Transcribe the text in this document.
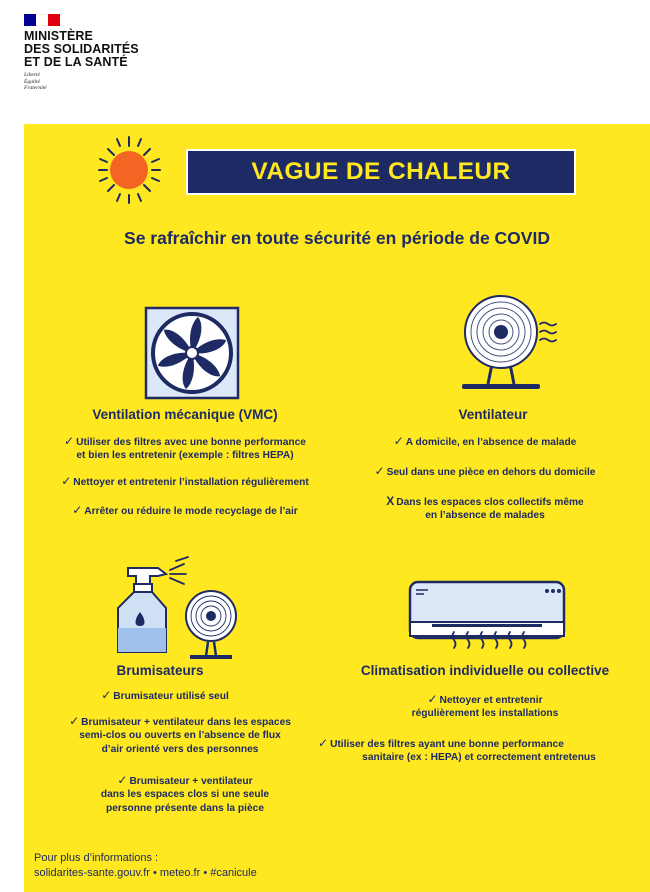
MINISTÈRE
DES SOLIDARITÉS
ET DE LA SANTÉ
Liberté
Égalité
Fraternité
VAGUE DE CHALEUR
Se rafraîchir en toute sécurité en période de COVID
Ventilation mécanique (VMC)	Ventilateur
Brumisateurs	Climatisation individuelle ou collective
✓ Utiliser des filtres avec une bonne performance
et bien les entretenir (exemple : filtres HEPA)
✓ Nettoyer et entretenir l’installation régulièrement
✓ Arrêter ou réduire le mode recyclage de l’air
✓ A domicile, en l’absence de malade
✓ Seul dans une pièce en dehors du domicile
X Dans les espaces clos collectifs même
en l’absence de malades
✓ Brumisateur utilisé seul
✓ Brumisateur + ventilateur dans les espaces
semi-clos ou ouverts en l’absence de flux
d’air orienté vers des personnes
✓ Brumisateur + ventilateur
dans les espaces clos si une seule
personne présente dans la pièce
✓ Nettoyer et entretenir
régulièrement les installations
✓ Utiliser des filtres ayant une bonne performance
sanitaire (ex : HEPA) et correctement entretenus
Pour plus d’informations :
solidarites-sante.gouv.fr • meteo.fr • #canicule
